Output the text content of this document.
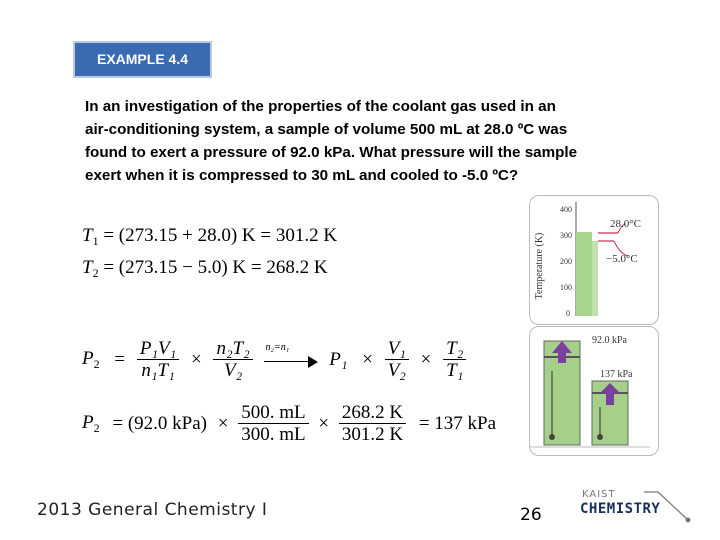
EXAMPLE 4.4
In an investigation of the properties of the coolant gas used in an
air-conditioning system, a sample of volume 500 mL at 28.0 ºC was
found to exert a pressure of 92.0 kPa. What pressure will the sample
exert when it is compressed to 30 mL and cooled to -5.0 ºC?
$T_1 = (273.15 + 28.0) K = 301.2$ K
$T_2 = (273.15 - 5.0) K = 268.2$ K
$P_2 = \frac{\text{P₁V₁}}{\text{n₁T₁}} \times \frac{\text{n₂T₂}}{\text{V₂}}$
n₂=n₁
$P_1 \times \frac{\text{V₁}}{\text{V₂}} \times \frac{\text{T₂}}{\text{T₁}}$
$P_2 = (92.0$ $kPa) \times \frac{500. mL}{300. mL} \times \frac{268.2 K}{301.2 K} = 137$ kPa
Temperature (K)
400
300
200
100
0
28.0°C
−5.0°C
92.0 kPa
137 kPa
2013 General Chemistry I	26
KAIST
CHEMISTRY
